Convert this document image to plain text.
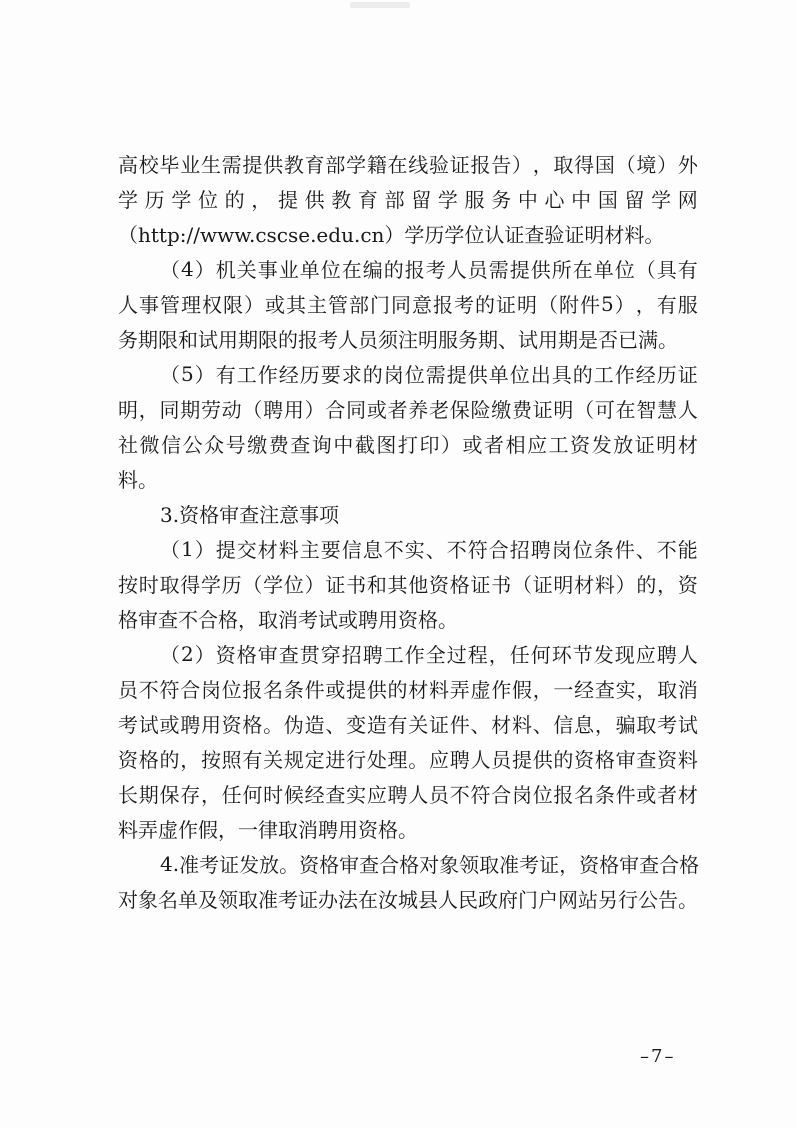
高 校 毕 业 生 需 提 供 教 育 部 学 籍 在 线 验 证 报 告 ） ， 取 得 国 （ 境 ） 外
学 历 学 位 的 ， 提 供 教 育 部 留 学 服 务 中 心 中 国 留 学 网
（http://www.cscse.edu.cn）学历学位认证查验证明材料。
（ 4 ） 机 关 事 业 单 位 在 编 的 报 考 人 员 需 提 供 所 在 单 位 （ 具 有
人 事 管 理 权 限 ） 或 其 主 管 部 门 同 意 报 考 的 证 明 （ 附 件 5 ） ， 有 服
务期限和试用期限的报考人员须注明服务期、试用期是否已满。
（ 5 ） 有 工 作 经 历 要 求 的 岗 位 需 提 供 单 位 出 具 的 工 作 经 历 证
明 ， 同 期 劳 动 （ 聘 用 ） 合 同 或 者 养 老 保 险 缴 费 证 明 （ 可 在 智 慧 人
社 微 信 公 众 号 缴 费 查 询 中 截 图 打 印 ） 或 者 相 应 工 资 发 放 证 明 材
料。
3.资格审查注意事项
（ 1 ） 提 交 材 料 主 要 信 息 不 实 、 不 符 合 招 聘 岗 位 条 件 、 不 能
按 时 取 得 学 历 （ 学 位 ） 证 书 和 其 他 资 格 证 书 （ 证 明 材 料 ） 的 ， 资
格审查不合格，取消考试或聘用资格。
（ 2 ） 资 格 审 查 贯 穿 招 聘 工 作 全 过 程 ， 任 何 环 节 发 现 应 聘 人
员 不 符 合 岗 位 报 名 条 件 或 提 供 的 材 料 弄 虚 作 假 ， 一 经 查 实 ， 取 消
考 试 或 聘 用 资 格 。 伪 造 、 变 造 有 关 证 件 、 材 料 、 信 息 ， 骗 取 考 试
资 格 的 ， 按 照 有 关 规 定 进 行 处 理 。 应 聘 人 员 提 供 的 资 格 审 查 资 料
长 期 保 存 ， 任 何 时 候 经 查 实 应 聘 人 员 不 符 合 岗 位 报 名 条 件 或 者 材
料弄虚作假，一律取消聘用资格。
4. 准 考 证 发 放 。 资 格 审 查 合 格 对 象 领 取 准 考 证 ， 资 格 审 查 合 格
对象名单及领取准考证办法在汝城县人民政府门户网站另行公告。
–7–
